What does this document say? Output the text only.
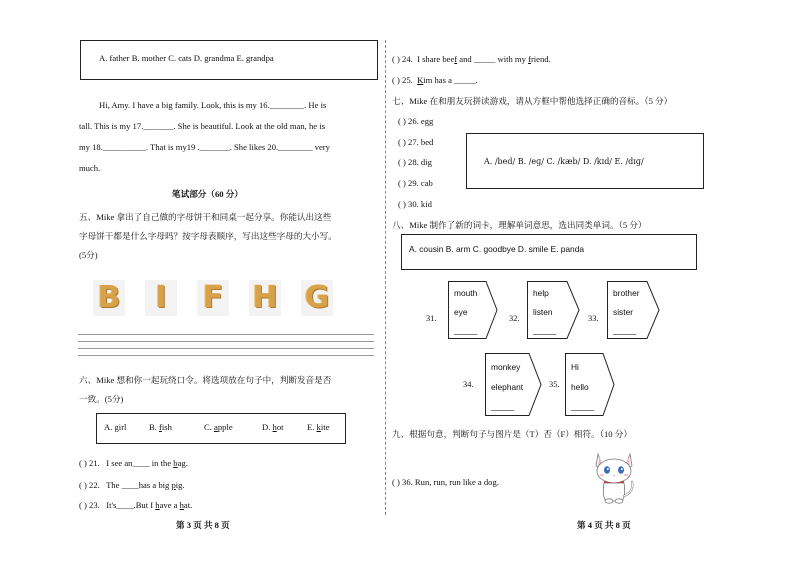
A. father B. mother C. cats D. grandma E. grandpa
Hi, Amy. I have a big family. Look, this is my 16.________. He is
tall. This is my 17._______. She is beautiful. Look at the old man, he is
my 18.__________. That is my19 ._______. She likes 20.________ very
much.
笔试部分（60 分）
五、Mike 拿出了自己做的字母饼干和同桌一起分享。你能认出这些
字母饼干都是什么字母吗？按字母表顺序，写出这些字母的大小写。
(5分)
B	I	F H G
六、Mike 想和你一起玩绕口令。将选项放在句子中，判断发音是否
一致。(5分)
A. girl	B. fish	C. apple	D. hot	E. kite
( ) 21. I see an____ in the bag.
( ) 22. The ____has a big pig.
( ) 23. It's____.But I have a hat.
第 3 页 共 8 页
( ) 24. I share beef and _____ with my friend.
( ) 25. Kim has a _____.
七、Mike 在和朋友玩拼读游戏，请从方框中帮他选择正确的音标。（5 分）
( ) 26. egg
( ) 27. bed
( ) 28. dig
( ) 29. cab
( ) 30. kid
A. /bed/ B. /eɡ/ C. /kæb/ D. /kɪd/ E. /dɪɡ/
八、Mike 制作了新的词卡，理解单词意思，选出同类单词。（5 分）
A. cousin B. arm C. goodbye D. smile E. panda
31.
mouth
eye
_____
32.
help
listen
_____
33.
brother
sister
_____
34.
monkey
elephant
_____
35.
Hi
hello
_____
九、根据句意，判断句子与图片是（T）否（F）相符。（10 分）
( ) 36. Run, run, run like a dog.
第 4 页 共 8 页
